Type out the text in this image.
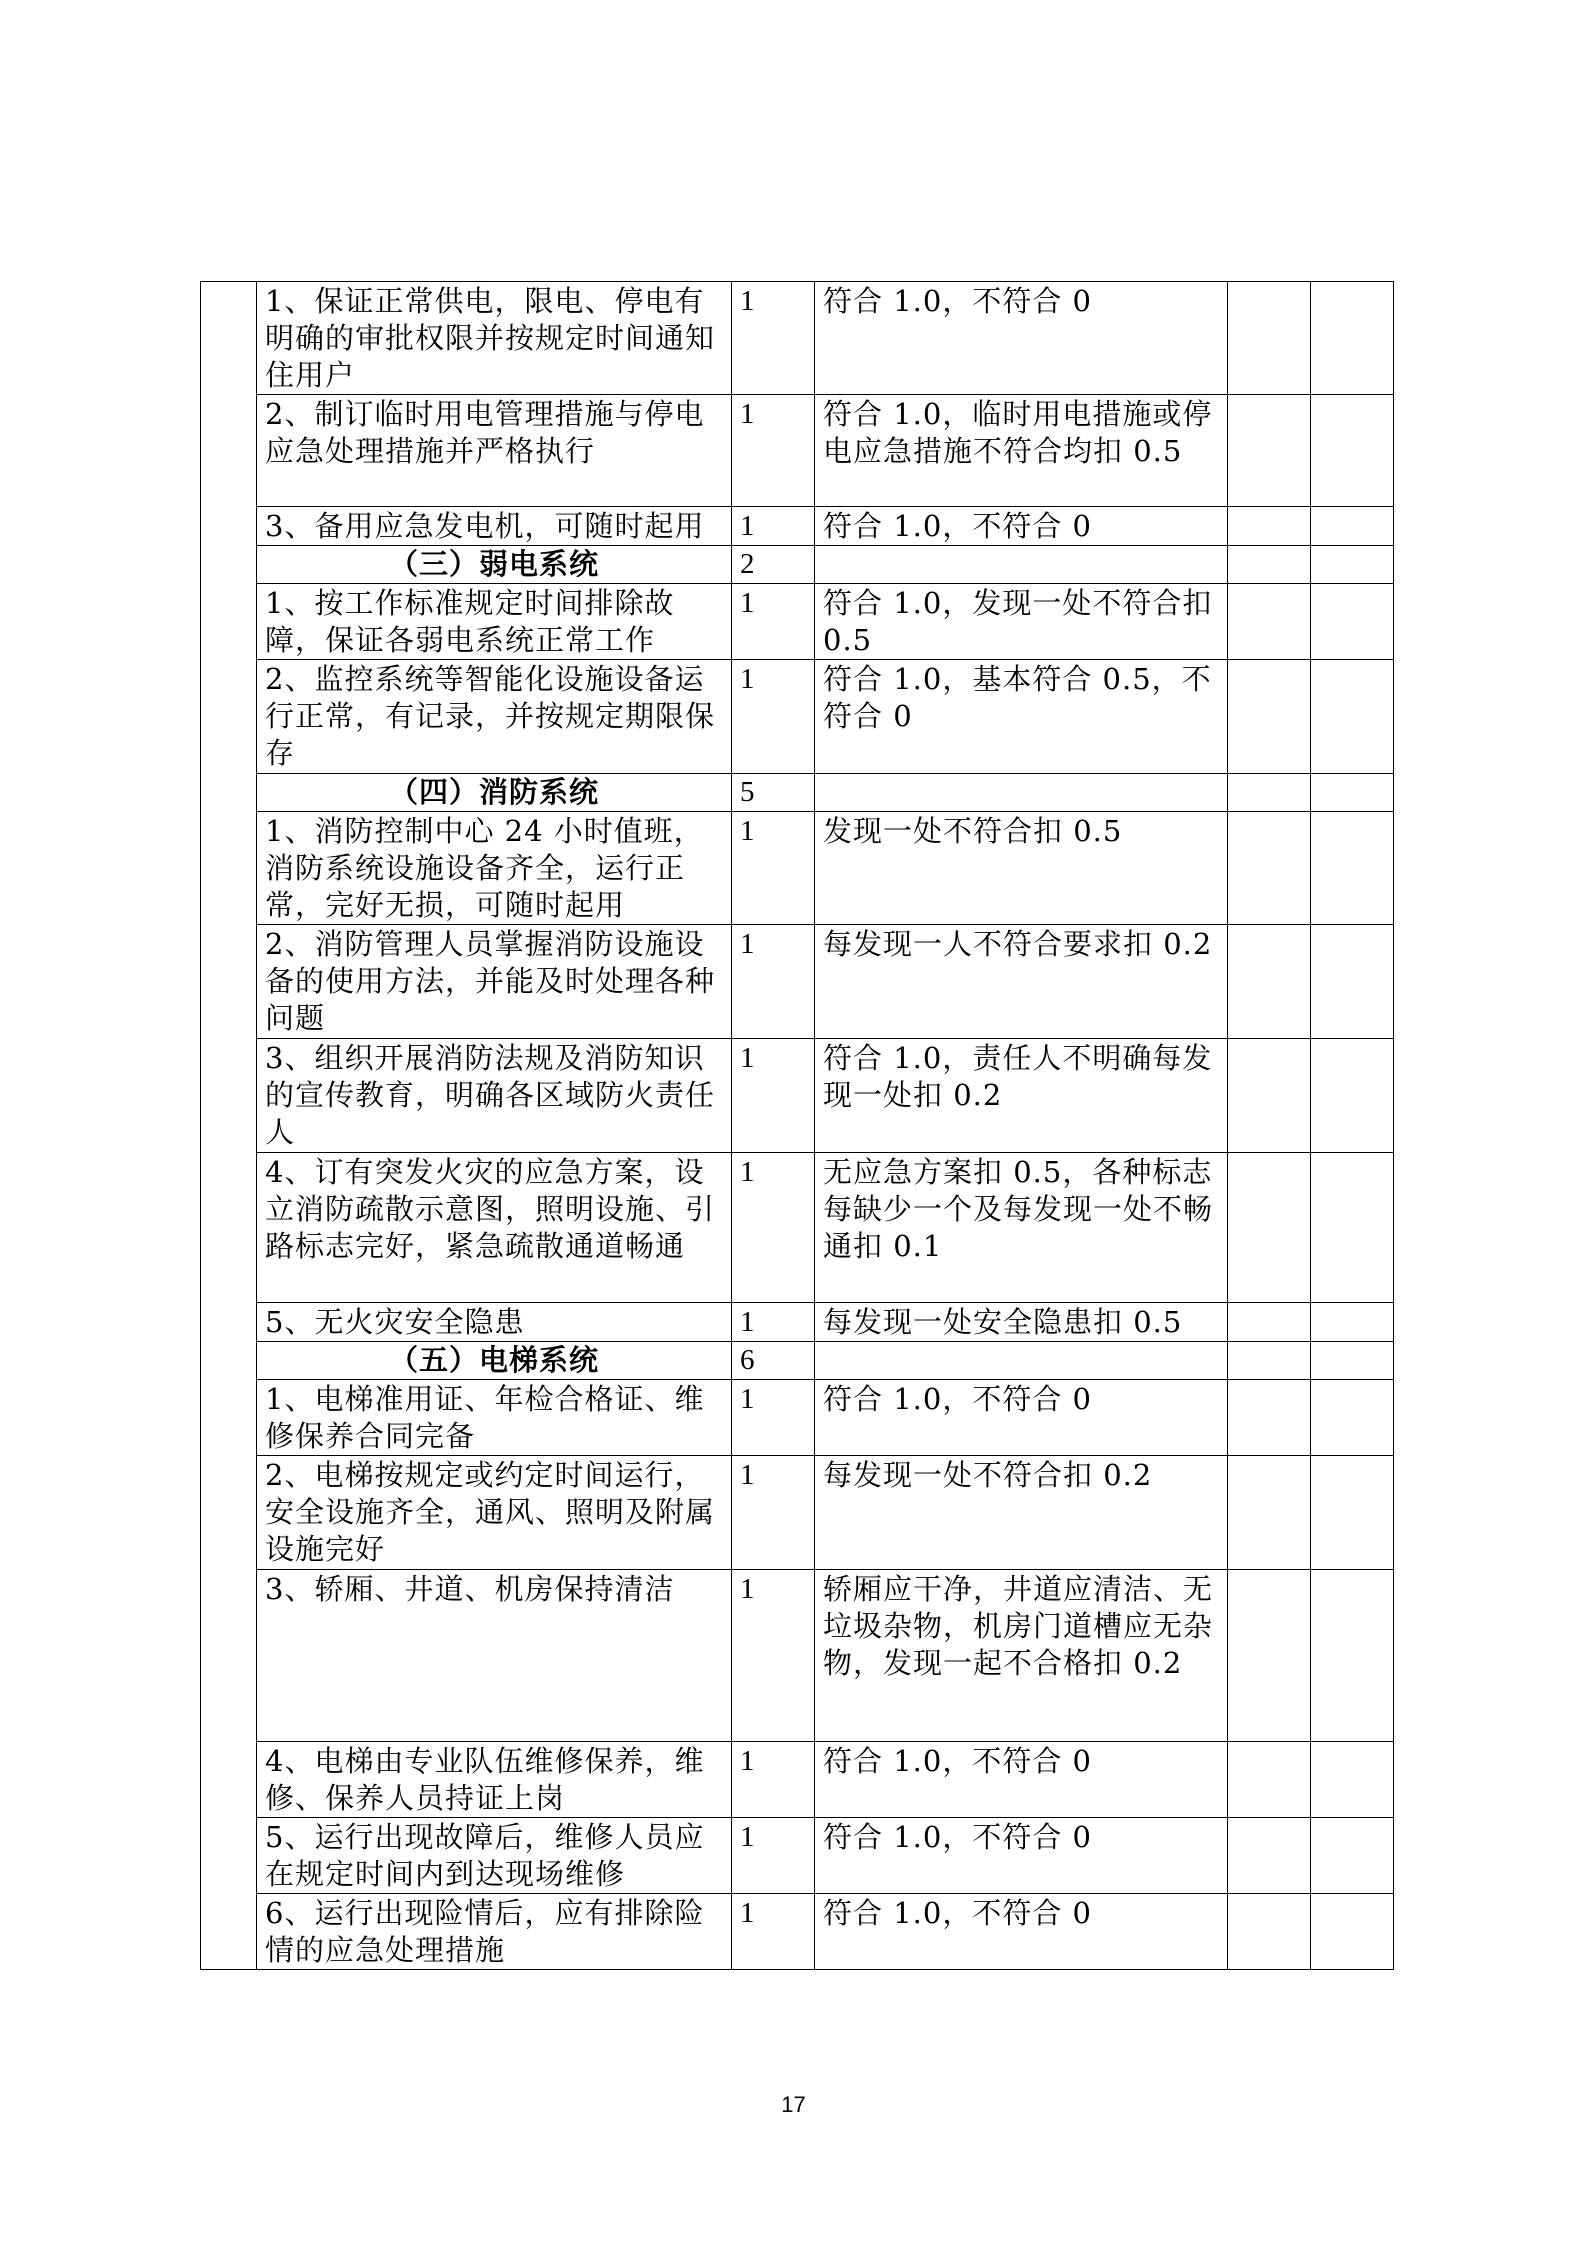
	1、保证正常供电，限电、停电有明确的审批权限并按规定时间通知住用户	1	符合 1.0，不符合 0		
	2、制订临时用电管理措施与停电应急处理措施并严格执行	1	符合 1.0，临时用电措施或停电应急措施不符合均扣 0.5		
	3、备用应急发电机，可随时起用	1	符合 1.0，不符合 0		
	（三）弱电系统	2			
	1、按工作标准规定时间排除故障，保证各弱电系统正常工作	1	符合 1.0，发现一处不符合扣 0.5		
	2、监控系统等智能化设施设备运行正常，有记录，并按规定期限保存	1	符合 1.0，基本符合 0.5，不符合 0		
	（四）消防系统	5			
	1、消防控制中心 24 小时值班，消防系统设施设备齐全，运行正常，完好无损，可随时起用	1	发现一处不符合扣 0.5		
	2、消防管理人员掌握消防设施设备的使用方法，并能及时处理各种问题	1	每发现一人不符合要求扣 0.2		
	3、组织开展消防法规及消防知识的宣传教育，明确各区域防火责任人	1	符合 1.0，责任人不明确每发现一处扣 0.2		
	4、订有突发火灾的应急方案，设立消防疏散示意图，照明设施、引路标志完好，紧急疏散通道畅通	1	无应急方案扣 0.5，各种标志每缺少一个及每发现一处不畅通扣 0.1		
	5、无火灾安全隐患	1	每发现一处安全隐患扣 0.5		
	（五）电梯系统	6			
	1、电梯准用证、年检合格证、维修保养合同完备	1	符合 1.0，不符合 0		
	2、电梯按规定或约定时间运行，安全设施齐全，通风、照明及附属设施完好	1	每发现一处不符合扣 0.2		
	3、轿厢、井道、机房保持清洁	1	轿厢应干净，井道应清洁、无垃圾杂物，机房门道槽应无杂物，发现一起不合格扣 0.2		
	4、电梯由专业队伍维修保养，维修、保养人员持证上岗	1	符合 1.0，不符合 0		
	5、运行出现故障后，维修人员应在规定时间内到达现场维修	1	符合 1.0，不符合 0		
	6、运行出现险情后，应有排除险情的应急处理措施	1	符合 1.0，不符合 0		
17
